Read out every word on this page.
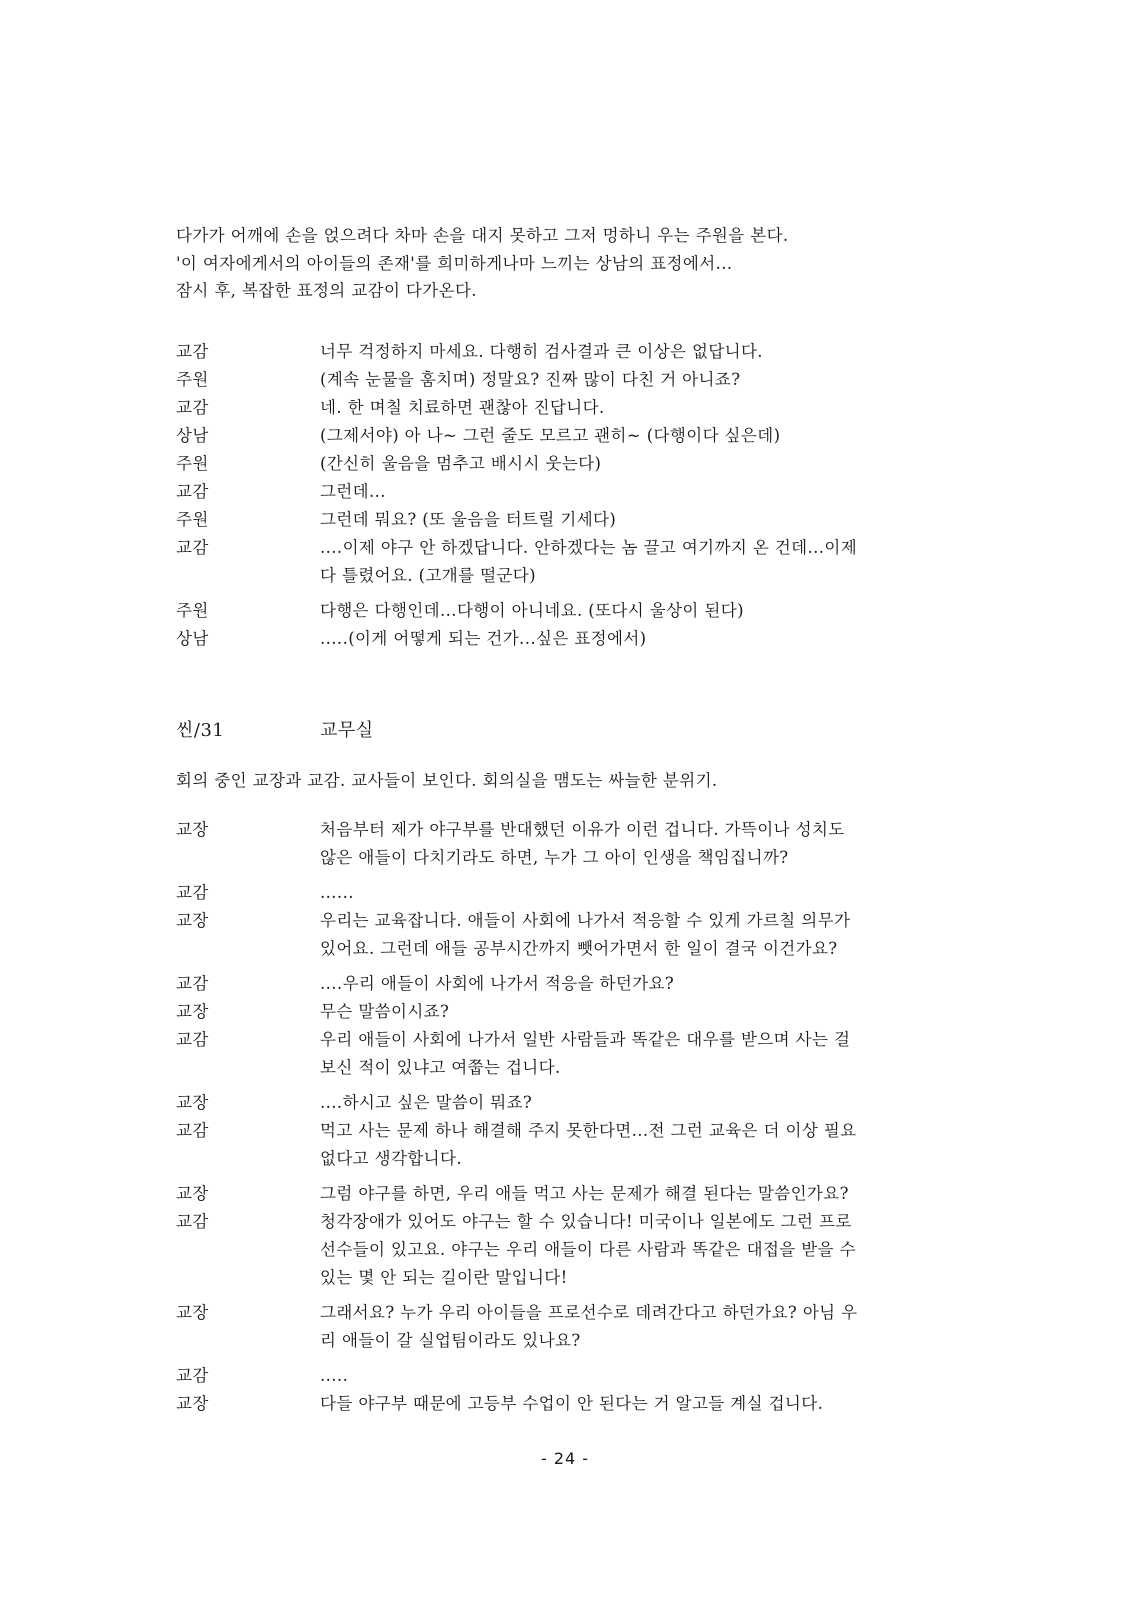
다가가 어깨에 손을 얹으려다 차마 손을 대지 못하고 그저 멍하니 우는 주원을 본다.
'이 여자에게서의 아이들의 존재'를 희미하게나마 느끼는 상남의 표정에서...
잠시 후, 복잡한 표정의 교감이 다가온다.
교감	너무 걱정하지 마세요. 다행히 검사결과 큰 이상은 없답니다.
주원	(계속 눈물을 훔치며) 정말요? 진짜 많이 다친 거 아니죠?
교감	네. 한 며칠 치료하면 괜찮아 진답니다.
상남	(그제서야) 아 나~ 그런 줄도 모르고 괜히~ (다행이다 싶은데)
주원	(간신히 울음을 멈추고 배시시 웃는다)
교감	그런데...
주원	그런데 뭐요? (또 울음을 터트릴 기세다)
교감	....이제 야구 안 하겠답니다. 안하겠다는 놈 끌고 여기까지 온 건데...이제
다 틀렸어요. (고개를 떨군다)
주원	다행은 다행인데...다행이 아니네요. (또다시 울상이 된다)
상남	.....(이게 어떻게 되는 건가...싶은 표정에서)
씬/31	교무실
회의 중인 교장과 교감. 교사들이 보인다. 회의실을 맴도는 싸늘한 분위기.
교장	처음부터 제가 야구부를 반대했던 이유가 이런 겁니다. 가뜩이나 성치도
않은 애들이 다치기라도 하면, 누가 그 아이 인생을 책임집니까?
교감	......
교장	우리는 교육잡니다. 애들이 사회에 나가서 적응할 수 있게 가르칠 의무가
있어요. 그런데 애들 공부시간까지 뺏어가면서 한 일이 결국 이건가요?
교감	....우리 애들이 사회에 나가서 적응을 하던가요?
교장	무슨 말씀이시죠?
교감	우리 애들이 사회에 나가서 일반 사람들과 똑같은 대우를 받으며 사는 걸
보신 적이 있냐고 여쭙는 겁니다.
교장	....하시고 싶은 말씀이 뭐죠?
교감	먹고 사는 문제 하나 해결해 주지 못한다면...전 그런 교육은 더 이상 필요
없다고 생각합니다.
교장	그럼 야구를 하면, 우리 애들 먹고 사는 문제가 해결 된다는 말씀인가요?
교감	청각장애가 있어도 야구는 할 수 있습니다! 미국이나 일본에도 그런 프로
선수들이 있고요. 야구는 우리 애들이 다른 사람과 똑같은 대접을 받을 수
있는 몇 안 되는 길이란 말입니다!
교장	그래서요? 누가 우리 아이들을 프로선수로 데려간다고 하던가요? 아님 우
리 애들이 갈 실업팀이라도 있나요?
교감	.....
교장	다들 야구부 때문에 고등부 수업이 안 된다는 거 알고들 계실 겁니다.
- 24 -
